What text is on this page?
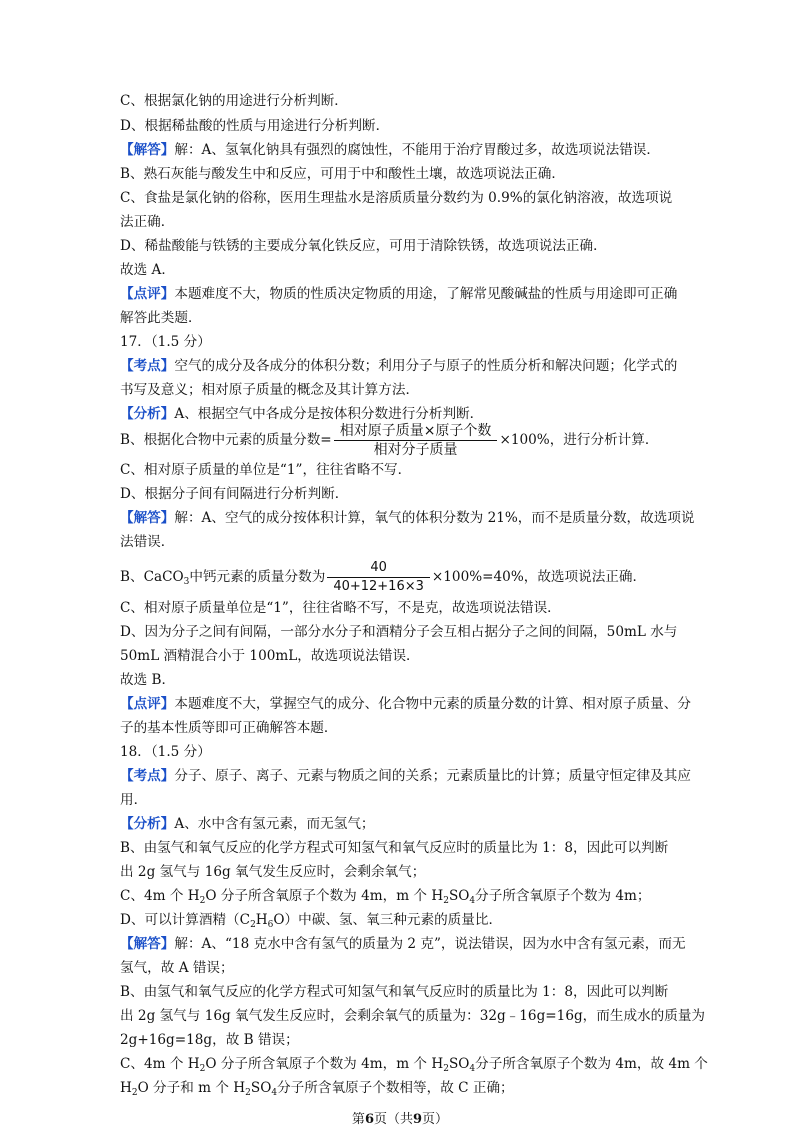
C、根据氯化钠的用途进行分析判断．
D、根据稀盐酸的性质与用途进行分析判断．
【解答】解：A、氢氧化钠具有强烈的腐蚀性，不能用于治疗胃酸过多，故选项说法错误．
B、熟石灰能与酸发生中和反应，可用于中和酸性土壤，故选项说法正确．
C、食盐是氯化钠的俗称，医用生理盐水是溶质质量分数约为 0.9%的氯化钠溶液，故选项说
法正确．
D、稀盐酸能与铁锈的主要成分氧化铁反应，可用于清除铁锈，故选项说法正确．
故选 A．
【点评】本题难度不大，物质的性质决定物质的用途，了解常见酸碱盐的性质与用途即可正确
解答此类题．
17．（1.5 分）
【考点】空气的成分及各成分的体积分数；利用分子与原子的性质分析和解决问题；化学式的
书写及意义；相对原子质量的概念及其计算方法．
【分析】A、根据空气中各成分是按体积分数进行分析判断．
B、根据化合物中元素的质量分数= $\frac{\text{相对原子质量×原子个数}}{\text{相对分子质量}} \times 100\%$，进行分析计算．
C、相对原子质量的单位是“1”，往往省略不写．
D、根据分子间有间隔进行分析判断．
【解答】解：A、空气的成分按体积计算，氧气的体积分数为 21%，而不是质量分数，故选项说
法错误．
B、CaCO$_3$中钙元素的质量分数为 $\frac{40}{40+12+16\times 3} \times 100\%=40\%$，故选项说法正确．
C、相对原子质量单位是“1”，往往省略不写，不是克，故选项说法错误．
D、因为分子之间有间隔，一部分水分子和酒精分子会互相占据分子之间的间隔，50mL 水与
50mL 酒精混合小于 100mL，故选项说法错误．
故选 B．
【点评】本题难度不大，掌握空气的成分、化合物中元素的质量分数的计算、相对原子质量、分
子的基本性质等即可正确解答本题．
18．（1.5 分）
【考点】分子、原子、离子、元素与物质之间的关系；元素质量比的计算；质量守恒定律及其应
用．
【分析】A、水中含有氢元素，而无氢气；
B、由氢气和氧气反应的化学方程式可知氢气和氧气反应时的质量比为 1：8，因此可以判断
出 2g 氢气与 16g 氧气发生反应时，会剩余氧气；
C、4m 个 $H_2O$ 分子所含氧原子个数为 4m，m 个 $H_2SO_4$分子所含氧原子个数为 4m；
D、可以计算酒精$(C_2H_6O)$中碳、氢、氧三种元素的质量比．
【解答】解：A、“18 克水中含有氢气的质量为 2 克”，说法错误，因为水中含有氢元素，而无
氢气，故 A 错误；
B、由氢气和氧气反应的化学方程式可知氢气和氧气反应时的质量比为 1：8，因此可以判断
出 2g 氢气与 16g 氧气发生反应时，会剩余氧气的质量为：32g﹣16g=16g，而生成水的质量为
2g+16g=18g，故 B 错误；
C、4m 个 $H_2O$ 分子所含氧原子个数为 4m，m 个 $H_2SO_4$分子所含氧原子个数为 4m，故 4m 个
$H_2O$ 分子和 m 个 $H_2SO_4$分子所含氧原子个数相等，故 C 正确；
第6页（共9页）
